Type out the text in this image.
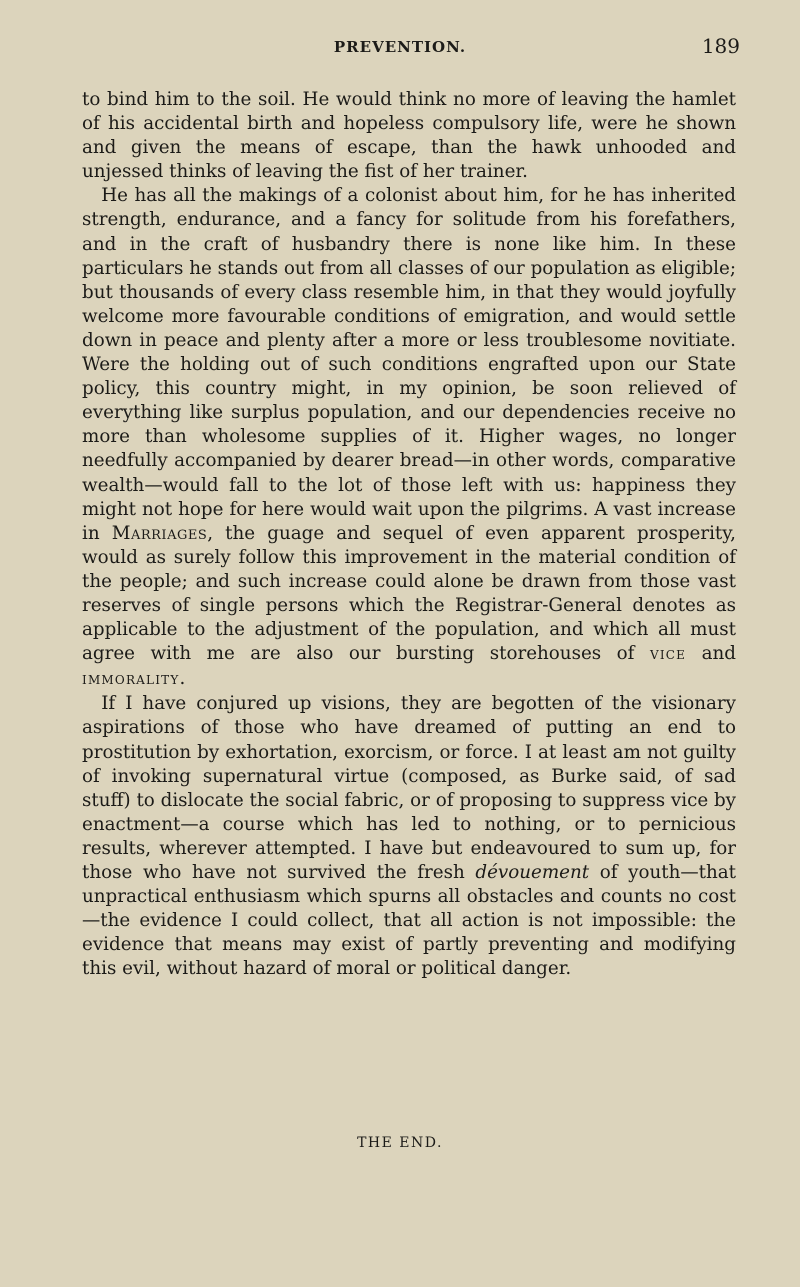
PREVENTION.	189

to bind him to the soil. He would think no more of leaving the hamlet of his accidental birth and hopeless compulsory life, were he shown and given the means of escape, than the hawk unhooded and unjessed thinks of leaving the fist of her trainer.

He has all the makings of a colonist about him, for he has inherited strength, endurance, and a fancy for solitude from his forefathers, and in the craft of husbandry there is none like him. In these particulars he stands out from all classes of our population as eligible; but thousands of every class resemble him, in that they would joyfully welcome more favourable conditions of emigration, and would settle down in peace and plenty after a more or less troublesome novitiate. Were the holding out of such conditions engrafted upon our State policy, this country might, in my opinion, be soon relieved of everything like surplus population, and our dependencies receive no more than wholesome supplies of it. Higher wages, no longer needfully accompanied by dearer bread—in other words, comparative wealth—would fall to the lot of those left with us: happiness they might not hope for here would wait upon the pilgrims. A vast increase in Marriages, the guage and sequel of even apparent prosperity, would as surely follow this improvement in the material condition of the people; and such increase could alone be drawn from those vast reserves of single persons which the Registrar-General denotes as applicable to the adjustment of the population, and which all must agree with me are also our bursting storehouses of VICE and IMMORALITY.

If I have conjured up visions, they are begotten of the visionary aspirations of those who have dreamed of putting an end to prostitution by exhortation, exorcism, or force. I at least am not guilty of invoking supernatural virtue (composed, as Burke said, of sad stuff) to dislocate the social fabric, or of proposing to suppress vice by enactment—a course which has led to nothing, or to pernicious results, wherever attempted. I have but endeavoured to sum up, for those who have not survived the fresh dévouement of youth—that unpractical enthusiasm which spurns all obstacles and counts no cost—the evidence I could collect, that all action is not impossible: the evidence that means may exist of partly preventing and modifying this evil, without hazard of moral or political danger.

THE END.
